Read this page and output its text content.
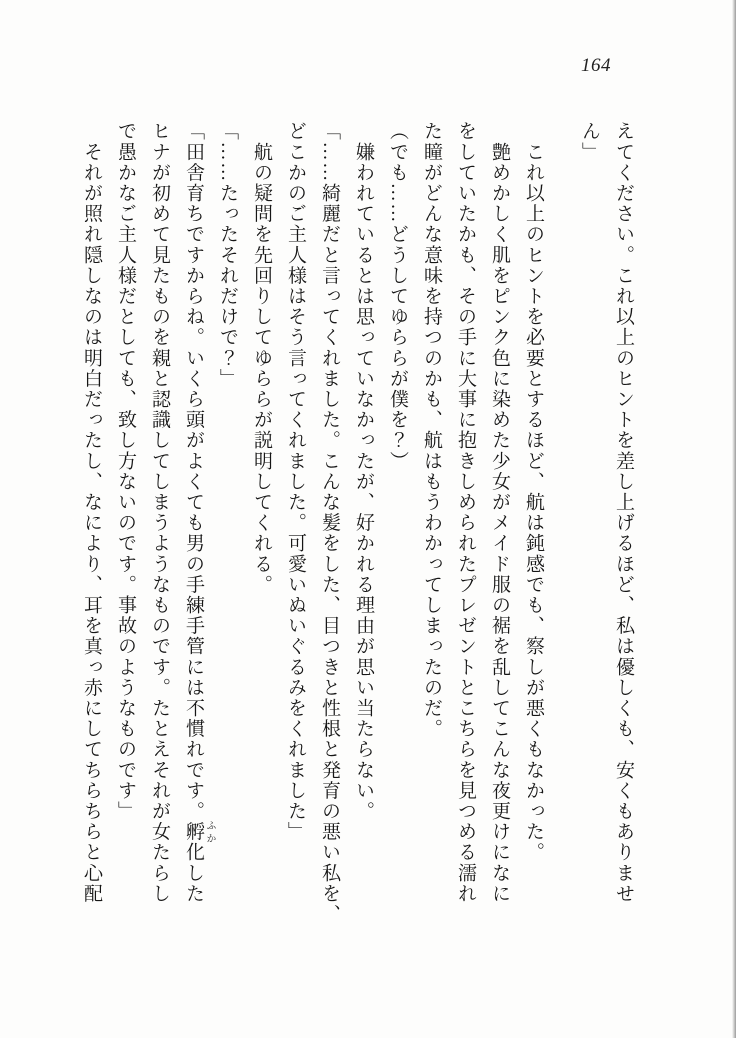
164
えてください。これ以上のヒントを差し上げるほど、私は優しくも、安くもありませ
ん」
　これ以上のヒントを必要とするほど、航は鈍感でも、察しが悪くもなかった。
　艶めかしく肌をピンク色に染めた少女がメイド服の裾を乱してこんな夜更けになに
をしていたかも、その手に大事に抱きしめられたプレゼントとこちらを見つめる濡れ
た瞳がどんな意味を持つのかも、航はもうわかってしまったのだ。
（でも……どうしてゆららが僕を？）
　嫌われているとは思っていなかったが、好かれる理由が思い当たらない。
「……綺麗だと言ってくれました。こんな髪をした、目つきと性根と発育の悪い私を、
どこかのご主人様はそう言ってくれました。可愛いぬいぐるみをくれました」
　航の疑問を先回りしてゆららが説明してくれる。
「……たったそれだけで？」
「田舎育ちですからね。いくら頭がよくても男の手練手管には不慣れです。孵化した
ヒナが初めて見たものを親と認識してしまうようなものです。たとえそれが女たらし
で愚かなご主人様だとしても、致し方ないのです。事故のようなものです」
　それが照れ隠しなのは明白だったし、なにより、耳を真っ赤にしてちらちらと心配	ふか
